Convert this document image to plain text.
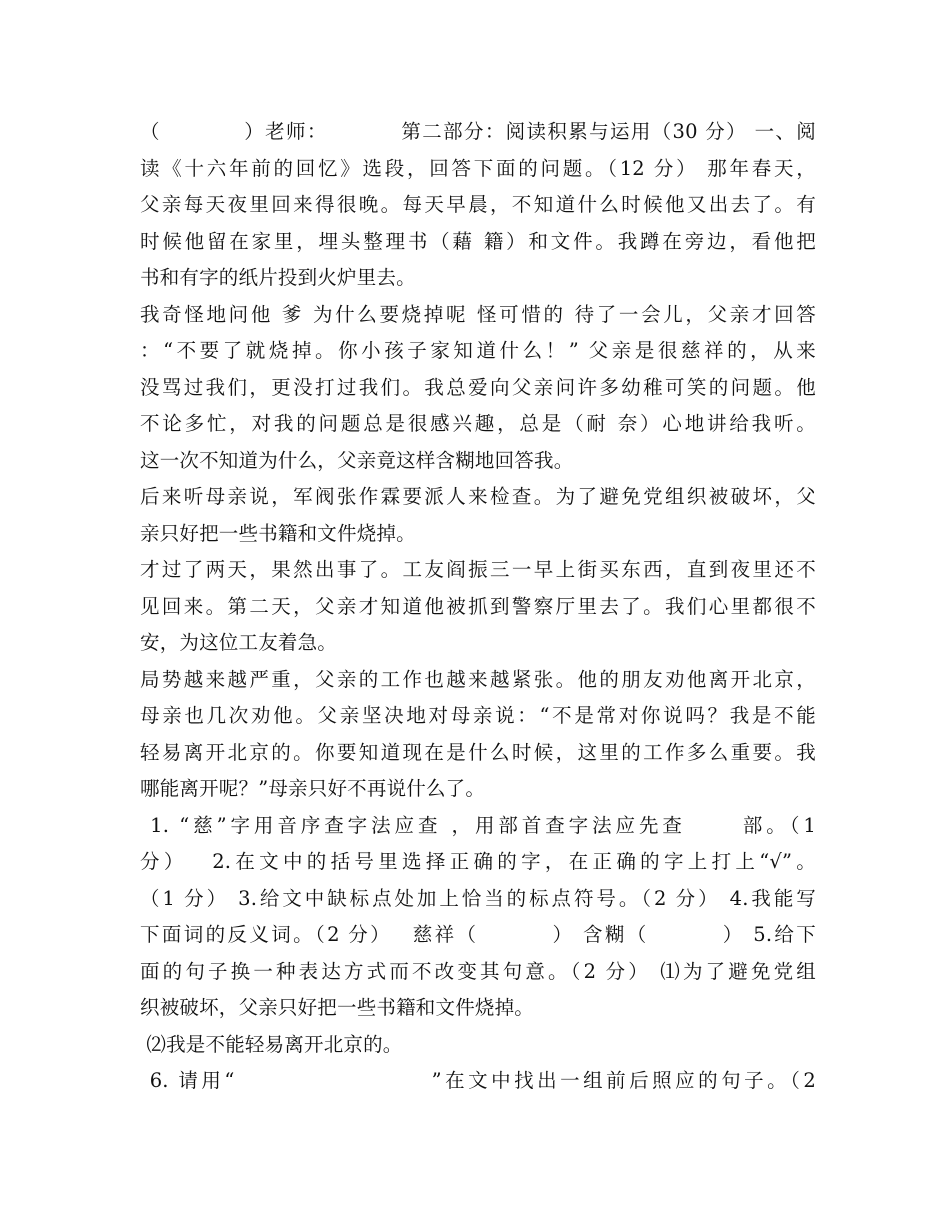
（　　　　）老师：　　　　第二部分：阅读积累与运用（30 分） 一、阅
读《十六年前的回忆》选段，回答下面的问题。（12 分） 那年春天，
父亲每天夜里回来得很晚。每天早晨，不知道什么时候他又出去了。有
时候他留在家里，埋头整理书（藉 籍）和文件。我蹲在旁边，看他把
书和有字的纸片投到火炉里去。
我奇怪地问他 爹 为什么要烧掉呢 怪可惜的 待了一会儿，父亲才回答
：“不要了就烧掉。你小孩子家知道什么！” 父亲是很慈祥的，从来
没骂过我们，更没打过我们。我总爱向父亲问许多幼稚可笑的问题。他
不论多忙，对我的问题总是很感兴趣，总是（耐 奈）心地讲给我听。
这一次不知道为什么，父亲竟这样含糊地回答我。
后来听母亲说，军阀张作霖要派人来检查。为了避免党组织被破坏，父
亲只好把一些书籍和文件烧掉。
才过了两天，果然出事了。工友阎振三一早上街买东西，直到夜里还不
见回来。第二天，父亲才知道他被抓到警察厅里去了。我们心里都很不
安，为这位工友着急。
局势越来越严重，父亲的工作也越来越紧张。他的朋友劝他离开北京，
母亲也几次劝他。父亲坚决地对母亲说：“不是常对你说吗？我是不能
轻易离开北京的。你要知道现在是什么时候，这里的工作多么重要。我
哪能离开呢？”母亲只好不再说什么了。
1. “慈”字用音序查字法应查 ，用部首查字法应先查　　 部。（1
分）　 2.在文中的括号里选择正确的字，在正确的字上打上“√”。
（1 分） 3.给文中缺标点处加上恰当的标点符号。（2 分） 4.我能写
下面词的反义词。（2 分）　 慈祥（　　　 ） 含糊（　　　 ） 5.给下
面的句子换一种表达方式而不改变其句意。（2 分） ⑴为了避免党组
织被破坏，父亲只好把一些书籍和文件烧掉。
⑵我是不能轻易离开北京的。
6. 请用“　　　　　　　　 ”在文中找出一组前后照应的句子。（2
